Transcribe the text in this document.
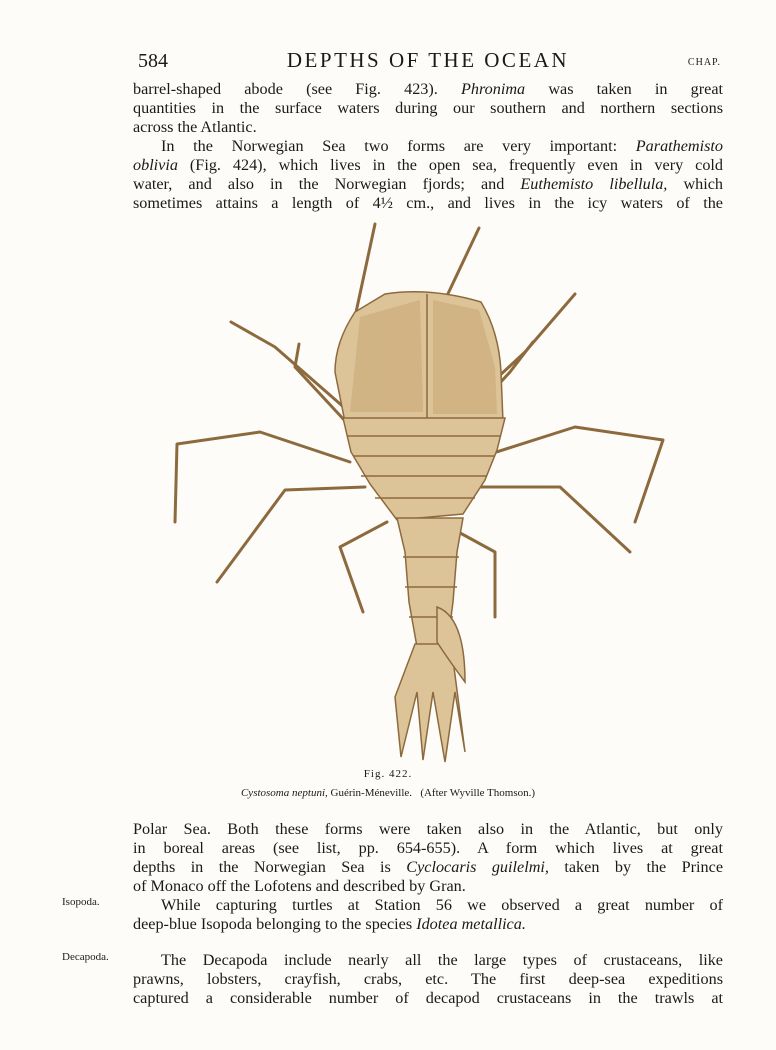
584	DEPTHS OF THE OCEAN	CHAP.

barrel-shaped abode (see Fig. 423). Phronima was taken in great
quantities in the surface waters during our southern and northern sections
across the Atlantic.

In the Norwegian Sea two forms are very important: Parathemisto
oblivia (Fig. 424), which lives in the open sea, frequently even in very cold
water, and also in the Norwegian fjords; and Euthemisto libellula, which
sometimes attains a length of 4½ cm., and lives in the icy waters of the

Fig. 422.
Cystosoma neptuni, Guérin-Méneville. (After Wyville Thomson.)

Polar Sea. Both these forms were taken also in the Atlantic, but only
in boreal areas (see list, pp. 654-655). A form which lives at great
depths in the Norwegian Sea is Cyclocaris guilelmi, taken by the Prince
of Monaco off the Lofotens and described by Gran.

While capturing turtles at Station 56 we observed a great number of
deep-blue Isopoda belonging to the species Idotea metallica.

The Decapoda include nearly all the large types of crustaceans, like
prawns, lobsters, crayfish, crabs, etc. The first deep-sea expeditions
captured a considerable number of decapod crustaceans in the trawls at

Isopoda.
Decapoda.
